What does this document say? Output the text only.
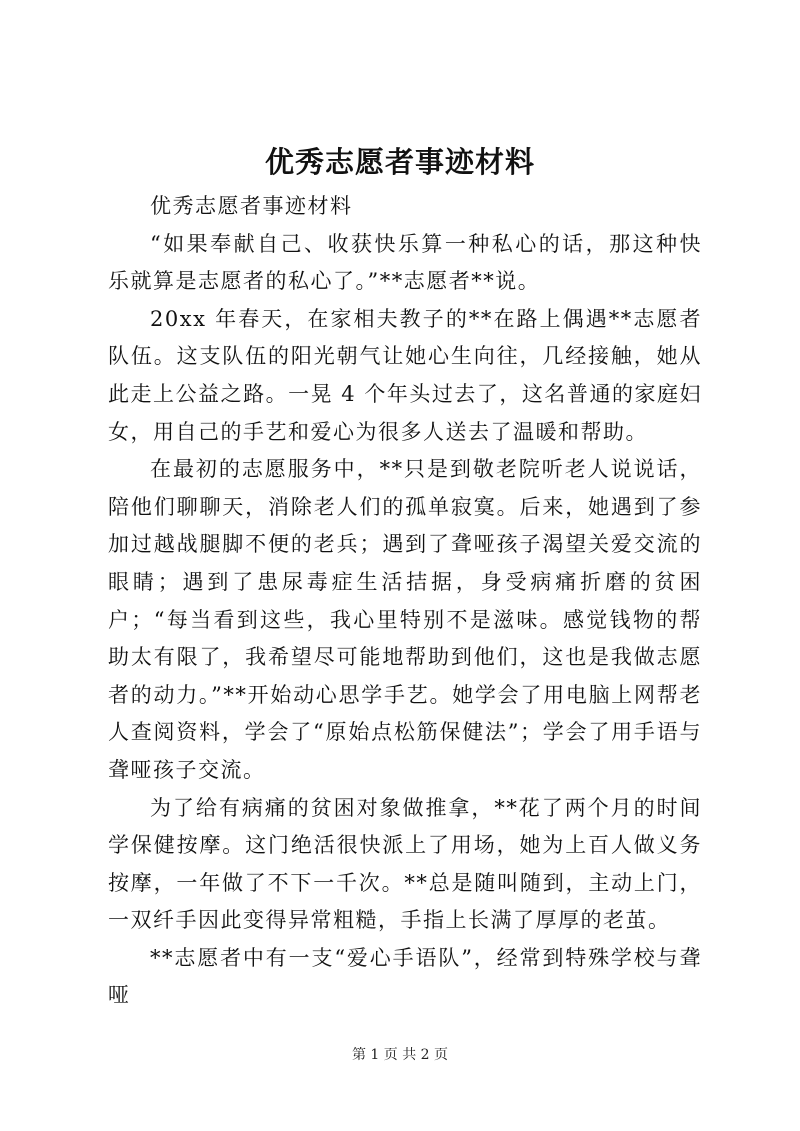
优秀志愿者事迹材料

优秀志愿者事迹材料

“如果奉献自己、收获快乐算一种私心的话，那这种快乐就算是志愿者的私心了。”**志愿者**说。

20xx 年春天，在家相夫教子的**在路上偶遇**志愿者队伍。这支队伍的阳光朝气让她心生向往，几经接触，她从此走上公益之路。一晃 4 个年头过去了，这名普通的家庭妇女，用自己的手艺和爱心为很多人送去了温暖和帮助。

在最初的志愿服务中，**只是到敬老院听老人说说话，陪他们聊聊天，消除老人们的孤单寂寞。后来，她遇到了参加过越战腿脚不便的老兵；遇到了聋哑孩子渴望关爱交流的眼睛；遇到了患尿毒症生活拮据，身受病痛折磨的贫困户；“每当看到这些，我心里特别不是滋味。感觉钱物的帮助太有限了，我希望尽可能地帮助到他们，这也是我做志愿者的动力。”**开始动心思学手艺。她学会了用电脑上网帮老人查阅资料，学会了“原始点松筋保健法”；学会了用手语与聋哑孩子交流。

为了给有病痛的贫困对象做推拿，**花了两个月的时间学保健按摩。这门绝活很快派上了用场，她为上百人做义务按摩，一年做了不下一千次。**总是随叫随到，主动上门，一双纤手因此变得异常粗糙，手指上长满了厚厚的老茧。

**志愿者中有一支“爱心手语队”，经常到特殊学校与聋哑

第 1 页 共 2 页
